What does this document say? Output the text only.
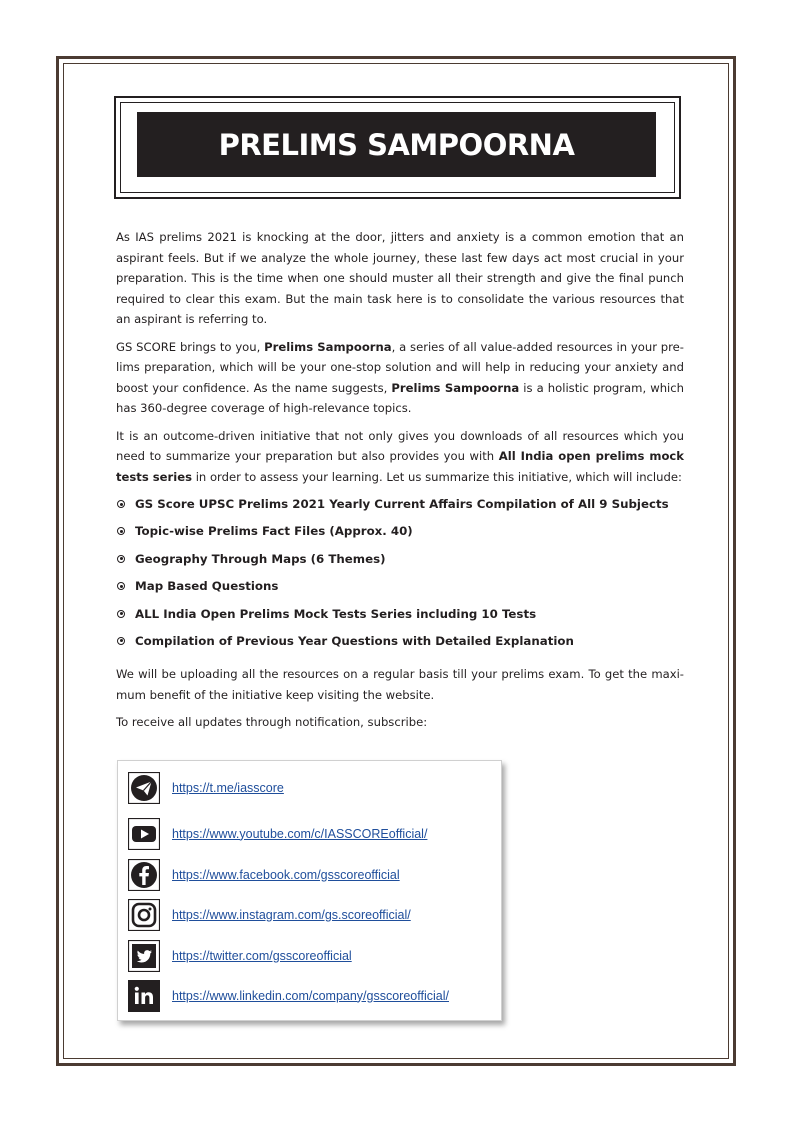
PRELIMS SAMPOORNA

As IAS prelims 2021 is knocking at the door, jitters and anxiety is a common emotion that an aspirant feels. But if we analyze the whole journey, these last few days act most crucial in your preparation. This is the time when one should muster all their strength and give the final punch required to clear this exam. But the main task here is to consolidate the various resources that an aspirant is referring to.

GS SCORE brings to you, Prelims Sampoorna, a series of all value-added resources in your pre-lims preparation, which will be your one-stop solution and will help in reducing your anxiety and boost your confidence. As the name suggests, Prelims Sampoorna is a holistic program, which has 360-degree coverage of high-relevance topics.

It is an outcome-driven initiative that not only gives you downloads of all resources which you need to summarize your preparation but also provides you with All India open prelims mock tests series in order to assess your learning. Let us summarize this initiative, which will include:

GS Score UPSC Prelims 2021 Yearly Current Affairs Compilation of All 9 Subjects
Topic-wise Prelims Fact Files (Approx. 40)
Geography Through Maps (6 Themes)
Map Based Questions
ALL India Open Prelims Mock Tests Series including 10 Tests
Compilation of Previous Year Questions with Detailed Explanation

We will be uploading all the resources on a regular basis till your prelims exam. To get the maxi-mum benefit of the initiative keep visiting the website.

To receive all updates through notification, subscribe:

https://t.me/iasscore
https://www.youtube.com/c/IASSCOREofficial/
https://www.facebook.com/gsscoreofficial
https://www.instagram.com/gs.scoreofficial/
https://twitter.com/gsscoreofficial
https://www.linkedin.com/company/gsscoreofficial/
